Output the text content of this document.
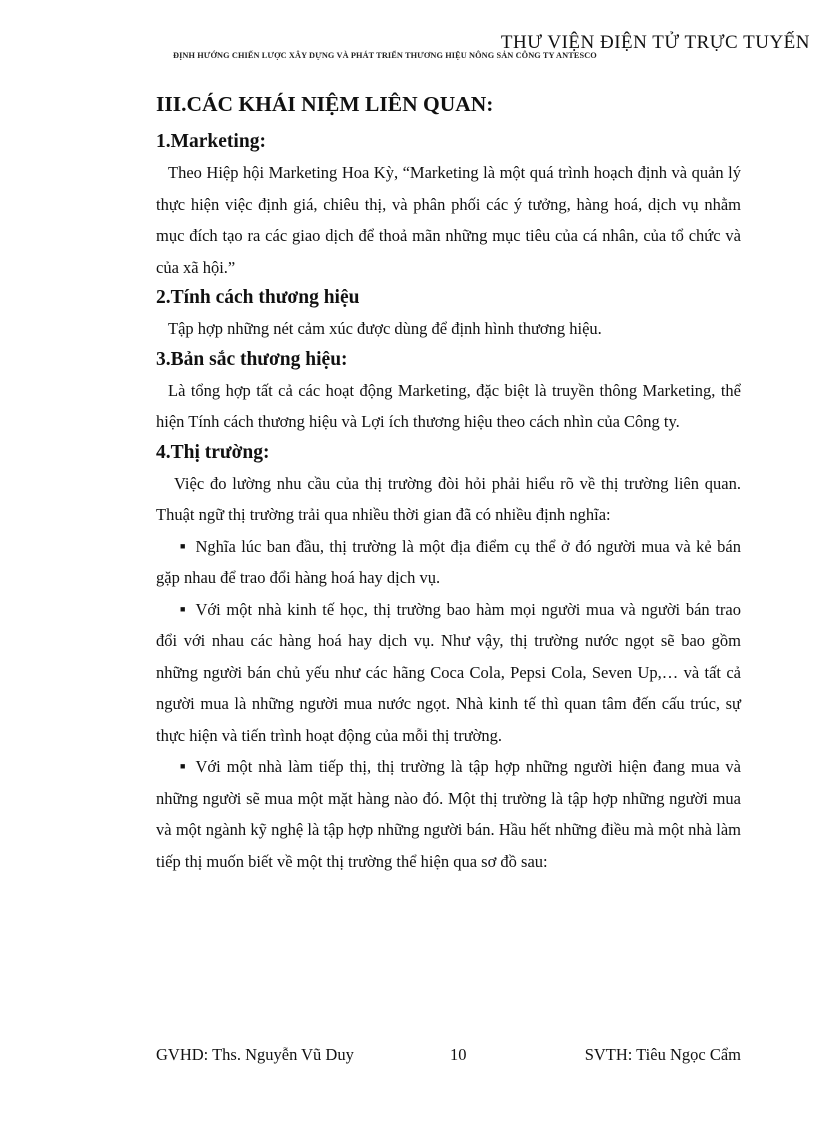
THƯ VIỆN ĐIỆN TỬ TRỰC TUYẾN
ĐỊNH HƯỚNG CHIẾN LƯỢC XÂY DỰNG VÀ PHÁT TRIỂN THƯƠNG HIỆU NÔNG SẢN CÔNG TY ANTESCO
III.CÁC KHÁI NIỆM LIÊN QUAN:
1.Marketing:

Theo Hiệp hội Marketing Hoa Kỳ, “Marketing là một quá trình hoạch định và quản lý thực hiện việc định giá, chiêu thị, và phân phối các ý tưởng, hàng hoá, dịch vụ nhằm mục đích tạo ra các giao dịch để thoả mãn những mục tiêu của cá nhân, của tổ chức và của xã hội.”

2.Tính cách thương hiệu

Tập hợp những nét cảm xúc được dùng để định hình thương hiệu.

3.Bản sắc thương hiệu:

Là tổng hợp tất cả các hoạt động Marketing, đặc biệt là truyền thông Marketing, thể hiện Tính cách thương hiệu và Lợi ích thương hiệu theo cách nhìn của Công ty.

4.Thị trường:

Việc đo lường nhu cầu của thị trường đòi hỏi phải hiểu rõ về thị trường liên quan. Thuật ngữ thị trường trải qua nhiều thời gian đã có nhiều định nghĩa:

■ Nghĩa lúc ban đầu, thị trường là một địa điểm cụ thể ở đó người mua và kẻ bán gặp nhau để trao đổi hàng hoá hay dịch vụ.

■ Với một nhà kinh tế học, thị trường bao hàm mọi người mua và người bán trao đổi với nhau các hàng hoá hay dịch vụ. Như vậy, thị trường nước ngọt sẽ bao gồm những người bán chủ yếu như các hãng Coca Cola, Pepsi Cola, Seven Up,… và tất cả người mua là những người mua nước ngọt. Nhà kinh tế thì quan tâm đến cấu trúc, sự thực hiện và tiến trình hoạt động của mỗi thị trường.

■ Với một nhà làm tiếp thị, thị trường là tập hợp những người hiện đang mua và những người sẽ mua một mặt hàng nào đó. Một thị trường là tập hợp những người mua và một ngành kỹ nghệ là tập hợp những người bán. Hầu hết những điều mà một nhà làm tiếp thị muốn biết về một thị trường thể hiện qua sơ đồ sau:

GVHD: Ths. Nguyễn Vũ Duy	10	SVTH: Tiêu Ngọc Cẩm
